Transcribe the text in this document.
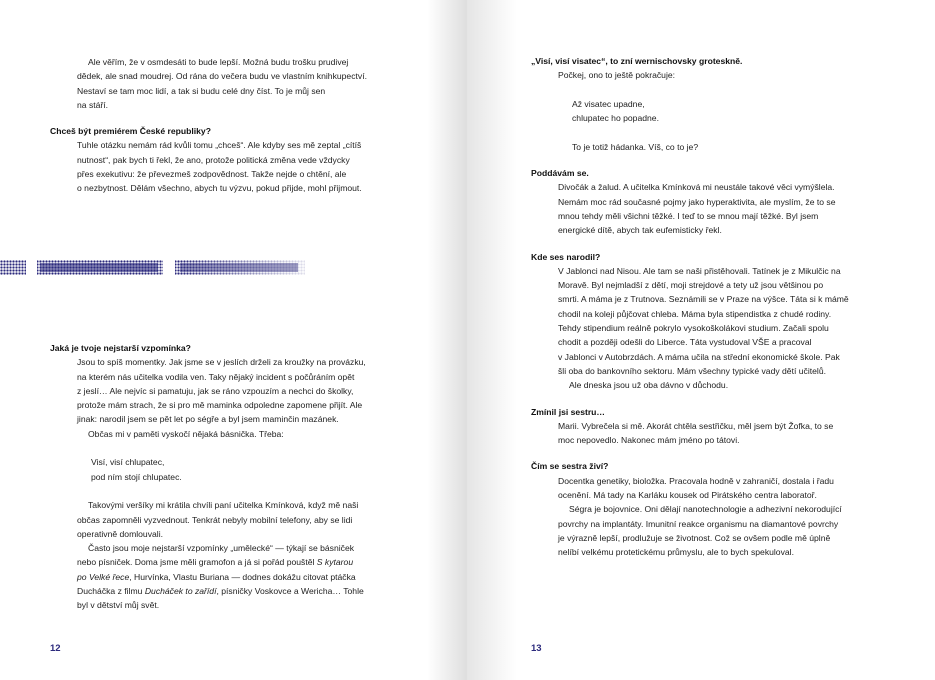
Ale věřím, že v osmdesáti to bude lepší. Možná budu trošku prudivej

dědek, ale snad moudrej. Od rána do večera budu ve vlastním knihkupectví.

Nestaví se tam moc lidí, a tak si budu celé dny číst. To je můj sen

na stáří.

Chceš být premiérem České republiky?

Tuhle otázku nemám rád kvůli tomu „chceš“. Ale kdyby ses mě zeptal „cítíš

nutnost“, pak bych ti řekl, že ano, protože politická změna vede vždycky

přes exekutivu: že převezmeš zodpovědnost. Takže nejde o chtění, ale

o nezbytnost. Dělám všechno, abych tu výzvu, pokud přijde, mohl přijmout.

Jaká je tvoje nejstarší vzpomínka?

Jsou to spíš momentky. Jak jsme se v jeslích drželi za kroužky na provázku,

na kterém nás učitelka vodila ven. Taky nějaký incident s počůráním opět

z jeslí… Ale nejvíc si pamatuju, jak se ráno vzpouzím a nechci do školky,

protože mám strach, že si pro mě maminka odpoledne zapomene přijít. Ale

jinak: narodil jsem se pět let po ségře a byl jsem maminčin mazánek.

Občas mi v paměti vyskočí nějaká básnička. Třeba:

Visí, visí chlupatec,

pod ním stojí chlupatec.

Takovými veršíky mi krátila chvíli paní učitelka Kmínková, když mě naši

občas zapomněli vyzvednout. Tenkrát nebyly mobilní telefony, aby se lidi

operativně domlouvali.

Často jsou moje nejstarší vzpomínky „umělecké“ — týkají se básniček

nebo písniček. Doma jsme měli gramofon a já si pořád pouštěl S kytarou

po Velké řece, Hurvínka, Vlastu Buriana — dodnes dokážu citovat ptáčka

Ducháčka z filmu Ducháček to zařídí, písničky Voskovce a Wericha… Tohle

byl v dětství můj svět.

12

„Visí, visí visatec“, to zní wernischovsky groteskně.

Počkej, ono to ještě pokračuje:

Až visatec upadne,

chlupatec ho popadne.

To je totiž hádanka. Víš, co to je?

Poddávám se.

Divočák a žalud. A učitelka Kmínková mi neustále takové věci vymýšlela.

Nemám moc rád současné pojmy jako hyperaktivita, ale myslím, že to se

mnou tehdy měli všichni těžké. I teď to se mnou mají těžké. Byl jsem

energické dítě, abych tak eufemisticky řekl.

Kde ses narodil?

V Jablonci nad Nisou. Ale tam se naši přistěhovali. Tatínek je z Mikulčic na

Moravě. Byl nejmladší z dětí, moji strejdové a tety už jsou většinou po

smrti. A máma je z Trutnova. Seznámili se v Praze na výšce. Táta si k mámě

chodil na koleji půjčovat chleba. Máma byla stipendistka z chudé rodiny.

Tehdy stipendium reálně pokrylo vysokoškolákovi studium. Začali spolu

chodit a později odešli do Liberce. Táta vystudoval VŠE a pracoval

v Jablonci v Autobrzdách. A máma učila na střední ekonomické škole. Pak

šli oba do bankovního sektoru. Mám všechny typické vady dětí učitelů.

Ale dneska jsou už oba dávno v důchodu.

Zmínil jsi sestru…

Marii. Vybrečela si mě. Akorát chtěla sestřičku, měl jsem být Žofka, to se

moc nepovedlo. Nakonec mám jméno po tátovi.

Čím se sestra živí?

Docentka genetiky, bioložka. Pracovala hodně v zahraničí, dostala i řadu

ocenění. Má tady na Karláku kousek od Pirátského centra laboratoř.

Ségra je bojovnice. Oni dělají nanotechnologie a adhezivní nekorodující

povrchy na implantáty. Imunitní reakce organismu na diamantové povrchy

je výrazně lepší, prodlužuje se životnost. Což se ovšem podle mě úplně

nelíbí velkému protetickému průmyslu, ale to bych spekuloval.

13
